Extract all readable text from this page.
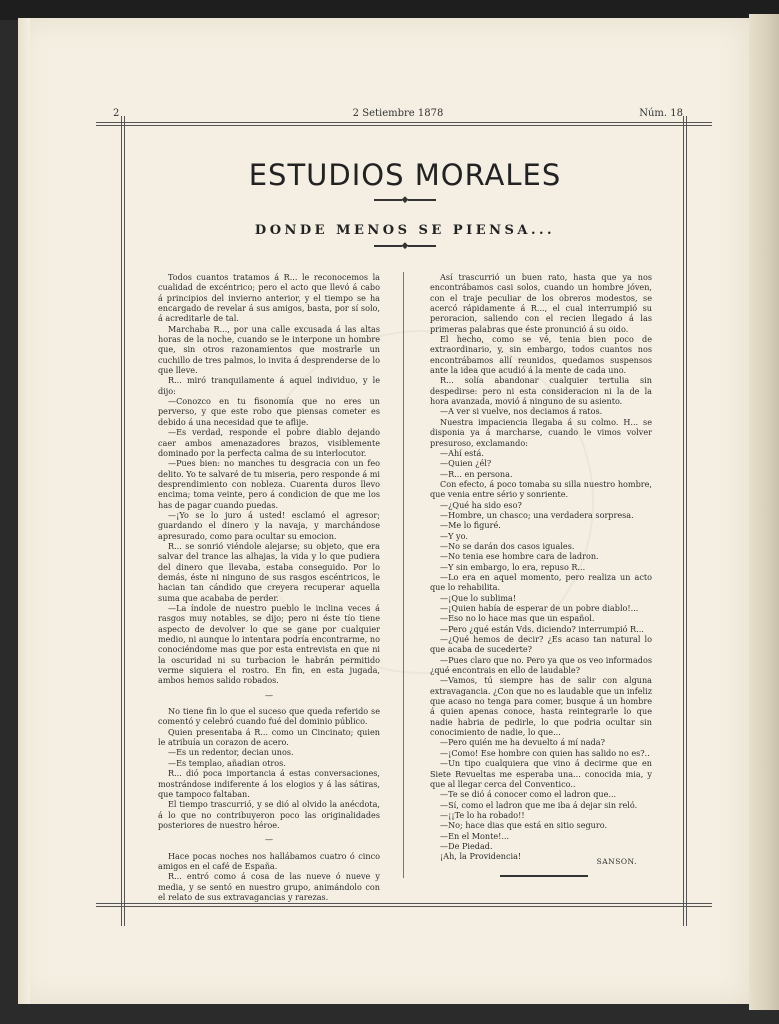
2	2 Setiembre 1878	Núm. 18
ESTUDIOS MORALES
◆
DONDE MENOS SE PIENSA...
◆

Todos cuantos tratamos á R... le reconocemos la cualidad de excéntrico; pero el acto que llevó á cabo á principios del invierno anterior, y el tiempo se ha encargado de revelar á sus amigos, basta, por sí solo, á acreditarle de tal.

Marchaba R..., por una calle excusada á las altas horas de la noche, cuando se le interpone un hombre que, sin otros razonamientos que mostrarle un cuchillo de tres palmos, lo invita á desprenderse de lo que lleve.

R... miró tranquilamente á aquel individuo, y le dijo:

—Conozco en tu fisonomía que no eres un perverso, y que este robo que piensas cometer es debido á una necesidad que te aflije.

—Es verdad, responde el pobre diablo dejando caer ambos amenazadores brazos, visiblemente dominado por la perfecta calma de su interlocutor.

—Pues bien: no manches tu desgracia con un feo delito. Yo te salvaré de tu miseria, pero responde á mi desprendimiento con nobleza. Cuarenta duros llevo encima; toma veinte, pero á condicion de que me los has de pagar cuando puedas.

—¡Yo se lo juro á usted! esclamó el agresor; guardando el dinero y la navaja, y marchándose apresurado, como para ocultar su emocion.

R... se sonrió viéndole alejarse; su objeto, que era salvar del trance las alhajas, la vida y lo que pudiera del dinero que llevaba, estaba conseguido. Por lo demás, éste ni ninguno de sus rasgos escéntricos, le hacian tan cándido que creyera recuperar aquella suma que acababa de perder.

—La índole de nuestro pueblo le inclina veces á rasgos muy notables, se dijo; pero ni éste tío tiene aspecto de devolver lo que se gane por cualquier medio, ni aunque lo intentara podría encontrarme, no conociéndome mas que por esta entrevista en que ni la oscuridad ni su turbacion le habrán permitido verme siquiera el rostro. En fin, en esta jugada, ambos hemos salido robados.

—

No tiene fin lo que el suceso que queda referido se comentó y celebró cuando fué del dominio público.

Quien presentaba á R... como un Cincinato; quien le atribuía un corazon de acero.

—Es un redentor, decian unos.

—Es templao, añadian otros.

R... dió poca importancia á estas conversaciones, mostrándose indiferente á los elogios y á las sátiras, que tampoco faltaban.

El tiempo trascurrió, y se dió al olvido la anécdota, á lo que no contribuyeron poco las originalidades posteriores de nuestro héroe.

—

Hace pocas noches nos hallábamos cuatro ó cinco amigos en el café de España.

R... entró como á cosa de las nueve ó nueve y media, y se sentó en nuestro grupo, animándolo con el relato de sus extravagancias y rarezas.

Así trascurrió un buen rato, hasta que ya nos encontrábamos casi solos, cuando un hombre jóven, con el traje peculiar de los obreros modestos, se acercó rápidamente á R..., el cual interrumpió su peroracion, saliendo con el recien llegado á las primeras palabras que éste pronunció á su oido.

El hecho, como se vé, tenia bien poco de extraordinario, y, sin embargo, todos cuantos nos encontrábamos allí reunidos, quedamos suspensos ante la idea que acudió á la mente de cada uno.

R... solía abandonar cualquier tertulia sin despedirse: pero ni esta consideracion ni la de la hora avanzada, movió á ninguno de su asiento.

—A ver si vuelve, nos deciamos á ratos.

Nuestra impaciencia llegaba á su colmo. H... se disponia ya á marcharse, cuando le vimos volver presuroso, exclamando:

—Ahí está.

—Quien ¿él?

—R... en persona.

Con efecto, á poco tomaba su silla nuestro hombre, que venia entre sério y sonriente.

—¿Qué ha sido eso?

—Hombre, un chasco; una verdadera sorpresa.

—Me lo figuré.

—Y yo.

—No se darán dos casos iguales.

—No tenia ese hombre cara de ladron.

—Y sin embargo, lo era, repuso R...

—Lo era en aquel momento, pero realiza un acto que lo rehabilita.

—¡Que lo sublima!

—¡Quien había de esperar de un pobre diablo!...

—Eso no lo hace mas que un español.

—Pero ¿qué están Vds. diciendo? interrumpió R...

—¿Qué hemos de decir? ¿Es acaso tan natural lo que acaba de sucederte?

—Pues claro que no. Pero ya que os veo informados ¿qué encontrais en ello de laudable?

—Vamos, tú siempre has de salir con alguna extravagancia. ¿Con que no es laudable que un infeliz que acaso no tenga para comer, busque á un hombre á quien apenas conoce, hasta reintegrarle lo que nadie habria de pedirle, lo que podria ocultar sin conocimiento de nadie, lo que...

—Pero quién me ha devuelto á mí nada?

—¡Como! Ese hombre con quien has salido no es?..

—Un tipo cualquiera que vino á decirme que en Siete Revueltas me esperaba una... conocida mia, y que al llegar cerca del Conventico..

—Te se dió á conocer como el ladron que...

—Sí, como el ladron que me iba á dejar sin reló.

—¡¡Te lo ha robado!!

—No; hace dias que está en sitio seguro.

—En el Monte!...

—De Piedad.

¡Ah, la Providencia!

SANSON.
